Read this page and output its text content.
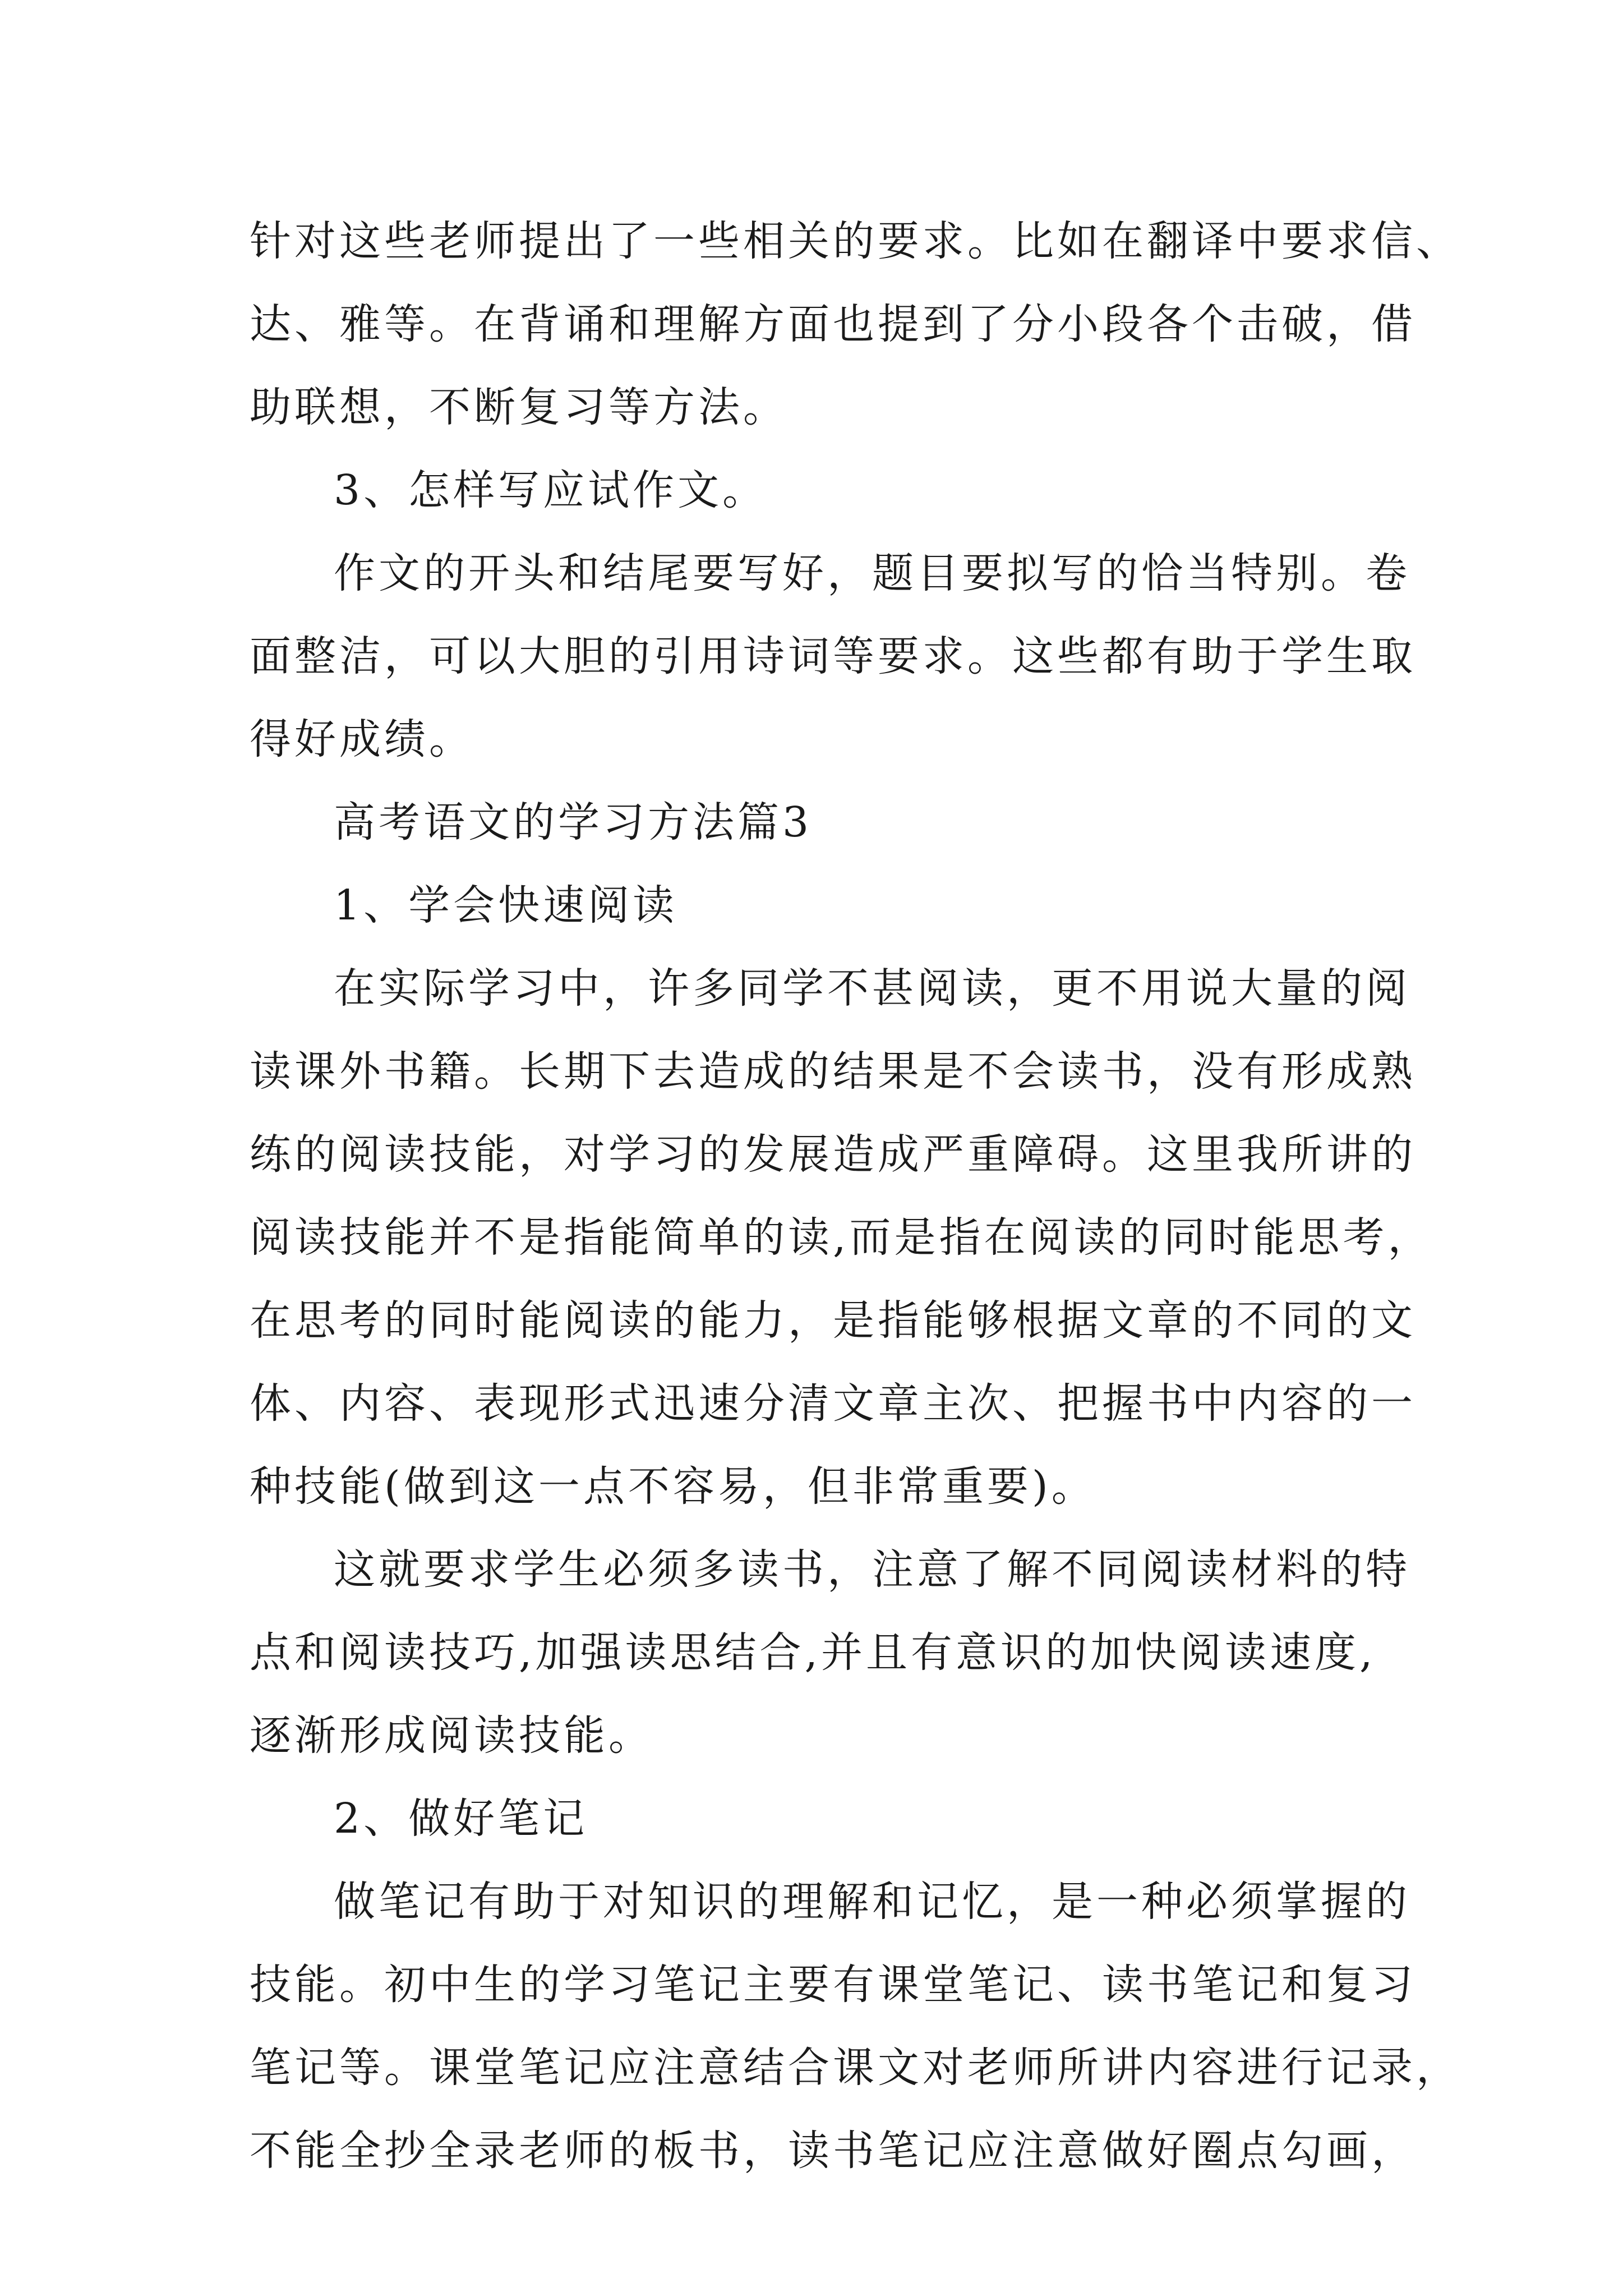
针对这些老师提出了一些相关的要求。比如在翻译中要求信、
达、雅等。在背诵和理解方面也提到了分小段各个击破，借
助联想，不断复习等方法。
3、怎样写应试作文。
作文的开头和结尾要写好，题目要拟写的恰当特别。卷
面整洁，可以大胆的引用诗词等要求。这些都有助于学生取
得好成绩。
高考语文的学习方法篇3
1、学会快速阅读
在实际学习中，许多同学不甚阅读，更不用说大量的阅
读课外书籍。长期下去造成的结果是不会读书，没有形成熟
练的阅读技能，对学习的发展造成严重障碍。这里我所讲的
阅读技能并不是指能简单的读,而是指在阅读的同时能思考，
在思考的同时能阅读的能力，是指能够根据文章的不同的文
体、内容、表现形式迅速分清文章主次、把握书中内容的一
种技能(做到这一点不容易，但非常重要)。
这就要求学生必须多读书，注意了解不同阅读材料的特
点和阅读技巧,加强读思结合,并且有意识的加快阅读速度,
逐渐形成阅读技能。
2、做好笔记
做笔记有助于对知识的理解和记忆，是一种必须掌握的
技能。初中生的学习笔记主要有课堂笔记、读书笔记和复习
笔记等。课堂笔记应注意结合课文对老师所讲内容进行记录，
不能全抄全录老师的板书，读书笔记应注意做好圈点勾画，
